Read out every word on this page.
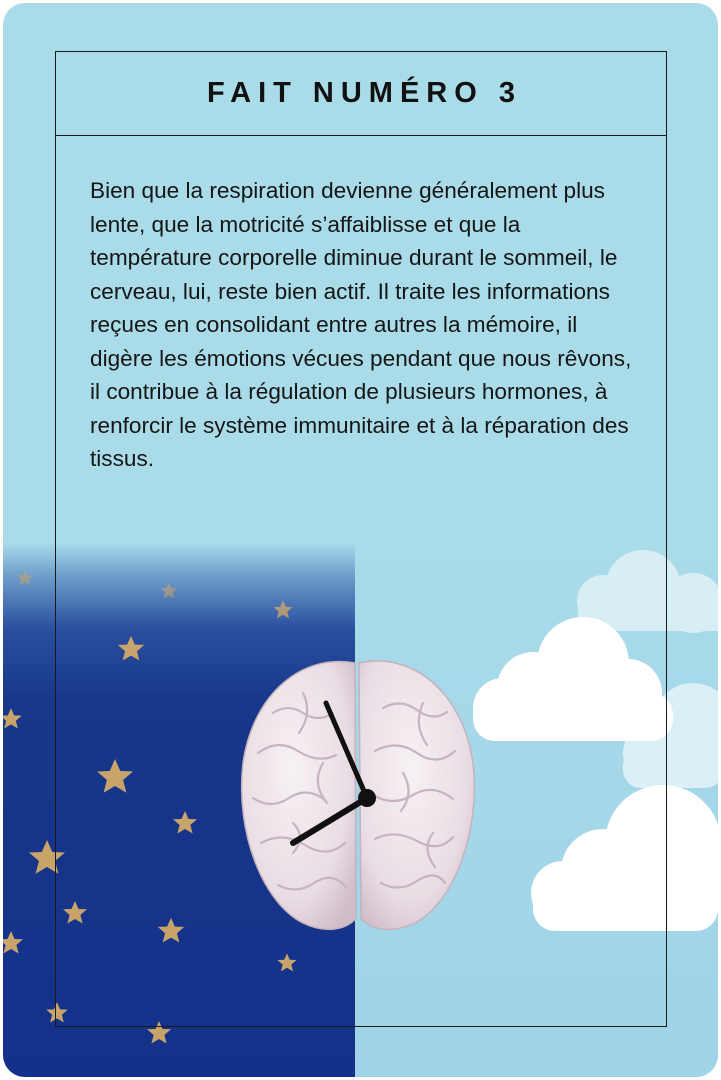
FAIT NUMÉRO 3

Bien que la respiration devienne généralement plus lente, que la motricité s’affaiblisse et que la température corporelle diminue durant le sommeil, le cerveau, lui, reste bien actif. Il traite les informations reçues en consolidant entre autres la mémoire, il digère les émotions vécues pendant que nous rêvons, il contribue à la régulation de plusieurs hormones, à renforcir le système immunitaire et à la réparation des tissus.
